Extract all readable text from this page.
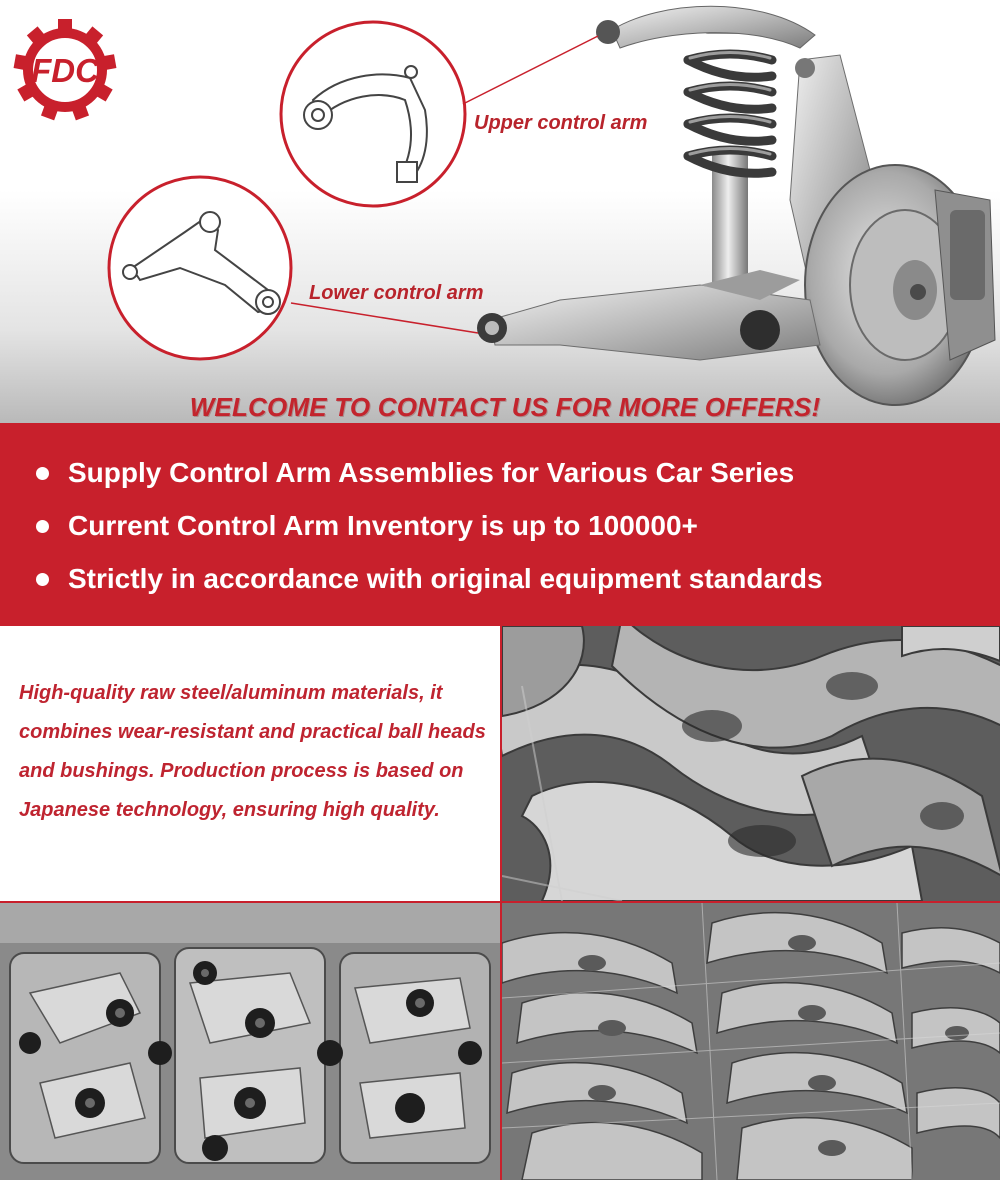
FDC
Upper control arm
Lower control arm
WELCOME TO CONTACT US FOR MORE OFFERS!
Supply Control Arm Assemblies for Various Car Series
Current Control Arm Inventory is up to 100000+
Strictly in accordance with original equipment standards
High-quality raw steel/aluminum materials, it combines wear-resistant and practical ball heads and bushings. Production process is based on Japanese technology, ensuring high quality.
